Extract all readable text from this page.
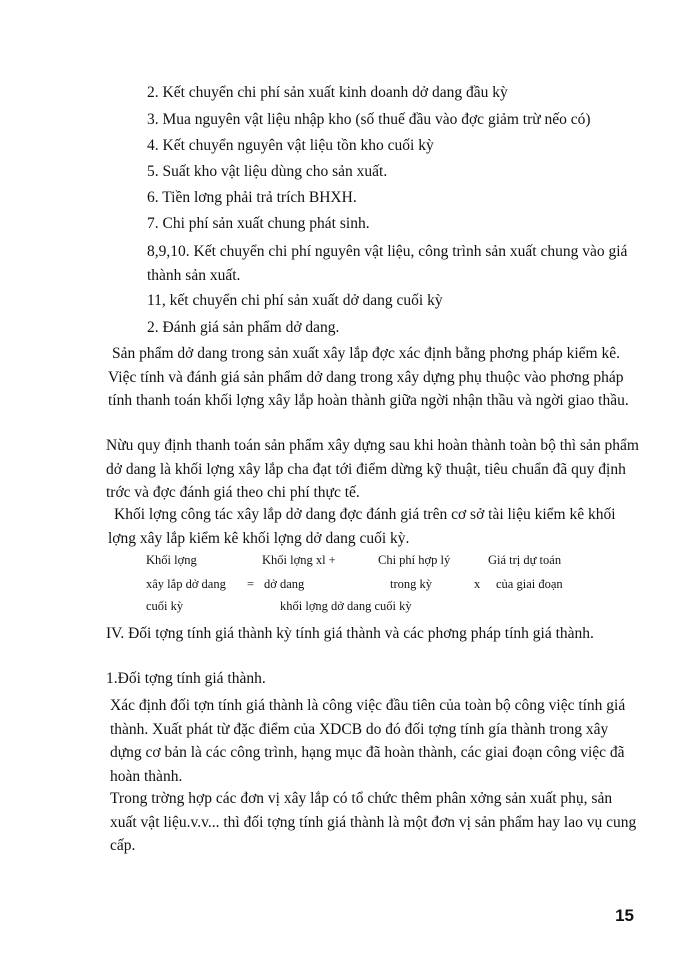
2. Kết chuyển chi phí sản xuất kinh doanh dở dang đầu kỳ
3. Mua nguyên vật liệu nhập kho (số thuế đầu vào đợc giảm trừ nếo có)
4. Kết chuyển nguyên vật liệu tồn kho cuối kỳ
5. Suất kho vật liệu dùng cho sản xuất.
6. Tiền lơng phải trả trích BHXH.
7. Chi phí sản xuất chung phát sinh.
8,9,10. Kết chuyển chi phí nguyên vật liệu, công trình sản xuất chung vào giá thành sản xuất.
11, kết chuyển chi phí sản xuất dở dang cuối kỳ
2. Đánh giá sản phẩm dở dang.
Sản phẩm dở dang trong sản xuất xây lắp đợc xác định bằng phơng pháp kiểm kê. Việc tính và đánh giá sản phẩm dở dang trong xây dựng phụ thuộc vào phơng pháp tính thanh toán khối lợng xây lắp hoàn thành giữa ngời nhận thầu và ngời giao thầu.
Nừu quy định thanh toán sản phẩm xây dựng sau khi hoàn thành toàn bộ thì sản phẩm dở dang là khối lợng xây lắp cha đạt tới điểm dừng kỹ thuật, tiêu chuẩn đã quy định trớc và đợc đánh giá theo chi phí thực tế.
Khối lợng công tác xây lắp dở dang đợc đánh giá trên cơ sở tài liệu kiểm kê khối lợng xây lắp kiểm kê khối lợng dở dang cuối kỳ.
Khối lợng	Khối lợng xl +	Chi phí hợp lý	Giá trị dự toán
xây lắp dở dang = dở dang	trong kỳ	x
của giai đoạn
cuối kỳ	khối lợng dở dang cuối kỳ
IV. Đối tợng tính giá thành kỳ tính giá thành và các phơng pháp tính giá thành.
1.Đối tợng tính giá thành.
Xác định đối tợn tính giá thành là công việc đầu tiên của toàn bộ công việc tính giá thành. Xuất phát từ đặc điểm của XDCB do đó đối tợng tính gía thành trong xây dựng cơ bản là các công trình, hạng mục đã hoàn thành, các giai đoạn công việc đã hoàn thành.
Trong trờng hợp các đơn vị xây lắp có tổ chức thêm phân xởng sản xuất phụ, sản xuất vật liệu.v.v... thì đối tợng tính giá thành là một đơn vị sản phẩm hay lao vụ cung cấp.
15
